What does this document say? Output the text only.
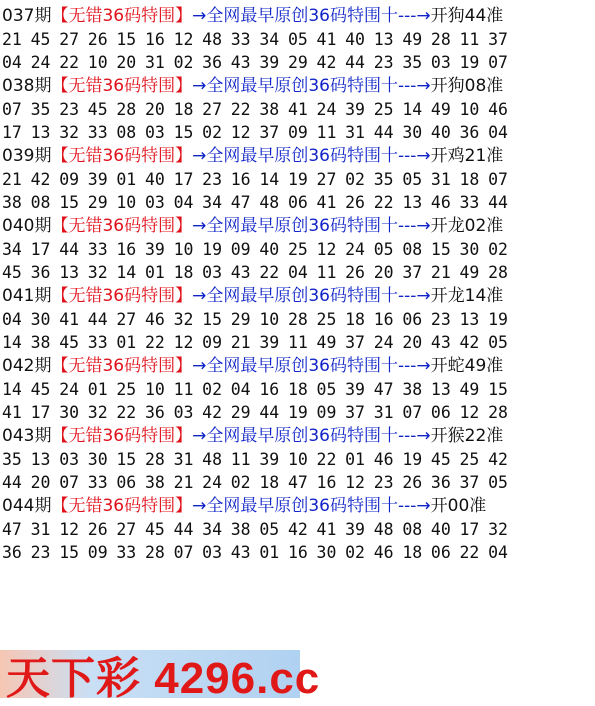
037期【无错36码特围】→全网最早原创36码特围十---→开狗44准
21 45 27 26 15 16 12 48 33 34 05 41 40 13 49 28 11 37
04 24 22 10 20 31 02 36 43 39 29 42 44 23 35 03 19 07
038期【无错36码特围】→全网最早原创36码特围十---→开狗08准
07 35 23 45 28 20 18 27 22 38 41 24 39 25 14 49 10 46
17 13 32 33 08 03 15 02 12 37 09 11 31 44 30 40 36 04
039期【无错36码特围】→全网最早原创36码特围十---→开鸡21准
21 42 09 39 01 40 17 23 16 14 19 27 02 35 05 31 18 07
38 08 15 29 10 03 04 34 47 48 06 41 26 22 13 46 33 44
040期【无错36码特围】→全网最早原创36码特围十---→开龙02准
34 17 44 33 16 39 10 19 09 40 25 12 24 05 08 15 30 02
45 36 13 32 14 01 18 03 43 22 04 11 26 20 37 21 49 28
041期【无错36码特围】→全网最早原创36码特围十---→开龙14准
04 30 41 44 27 46 32 15 29 10 28 25 18 16 06 23 13 19
14 38 45 33 01 22 12 09 21 39 11 49 37 24 20 43 42 05
042期【无错36码特围】→全网最早原创36码特围十---→开蛇49准
14 45 24 01 25 10 11 02 04 16 18 05 39 47 38 13 49 15
41 17 30 32 22 36 03 42 29 44 19 09 37 31 07 06 12 28
043期【无错36码特围】→全网最早原创36码特围十---→开猴22准
35 13 03 30 15 28 31 48 11 39 10 22 01 46 19 45 25 42
44 20 07 33 06 38 21 24 02 18 47 16 12 23 26 36 37 05
044期【无错36码特围】→全网最早原创36码特围十---→开00准
47 31 12 26 27 45 44 34 38 05 42 41 39 48 08 40 17 32
36 23 15 09 33 28 07 03 43 01 16 30 02 46 18 06 22 04
天下彩 4296.cc
